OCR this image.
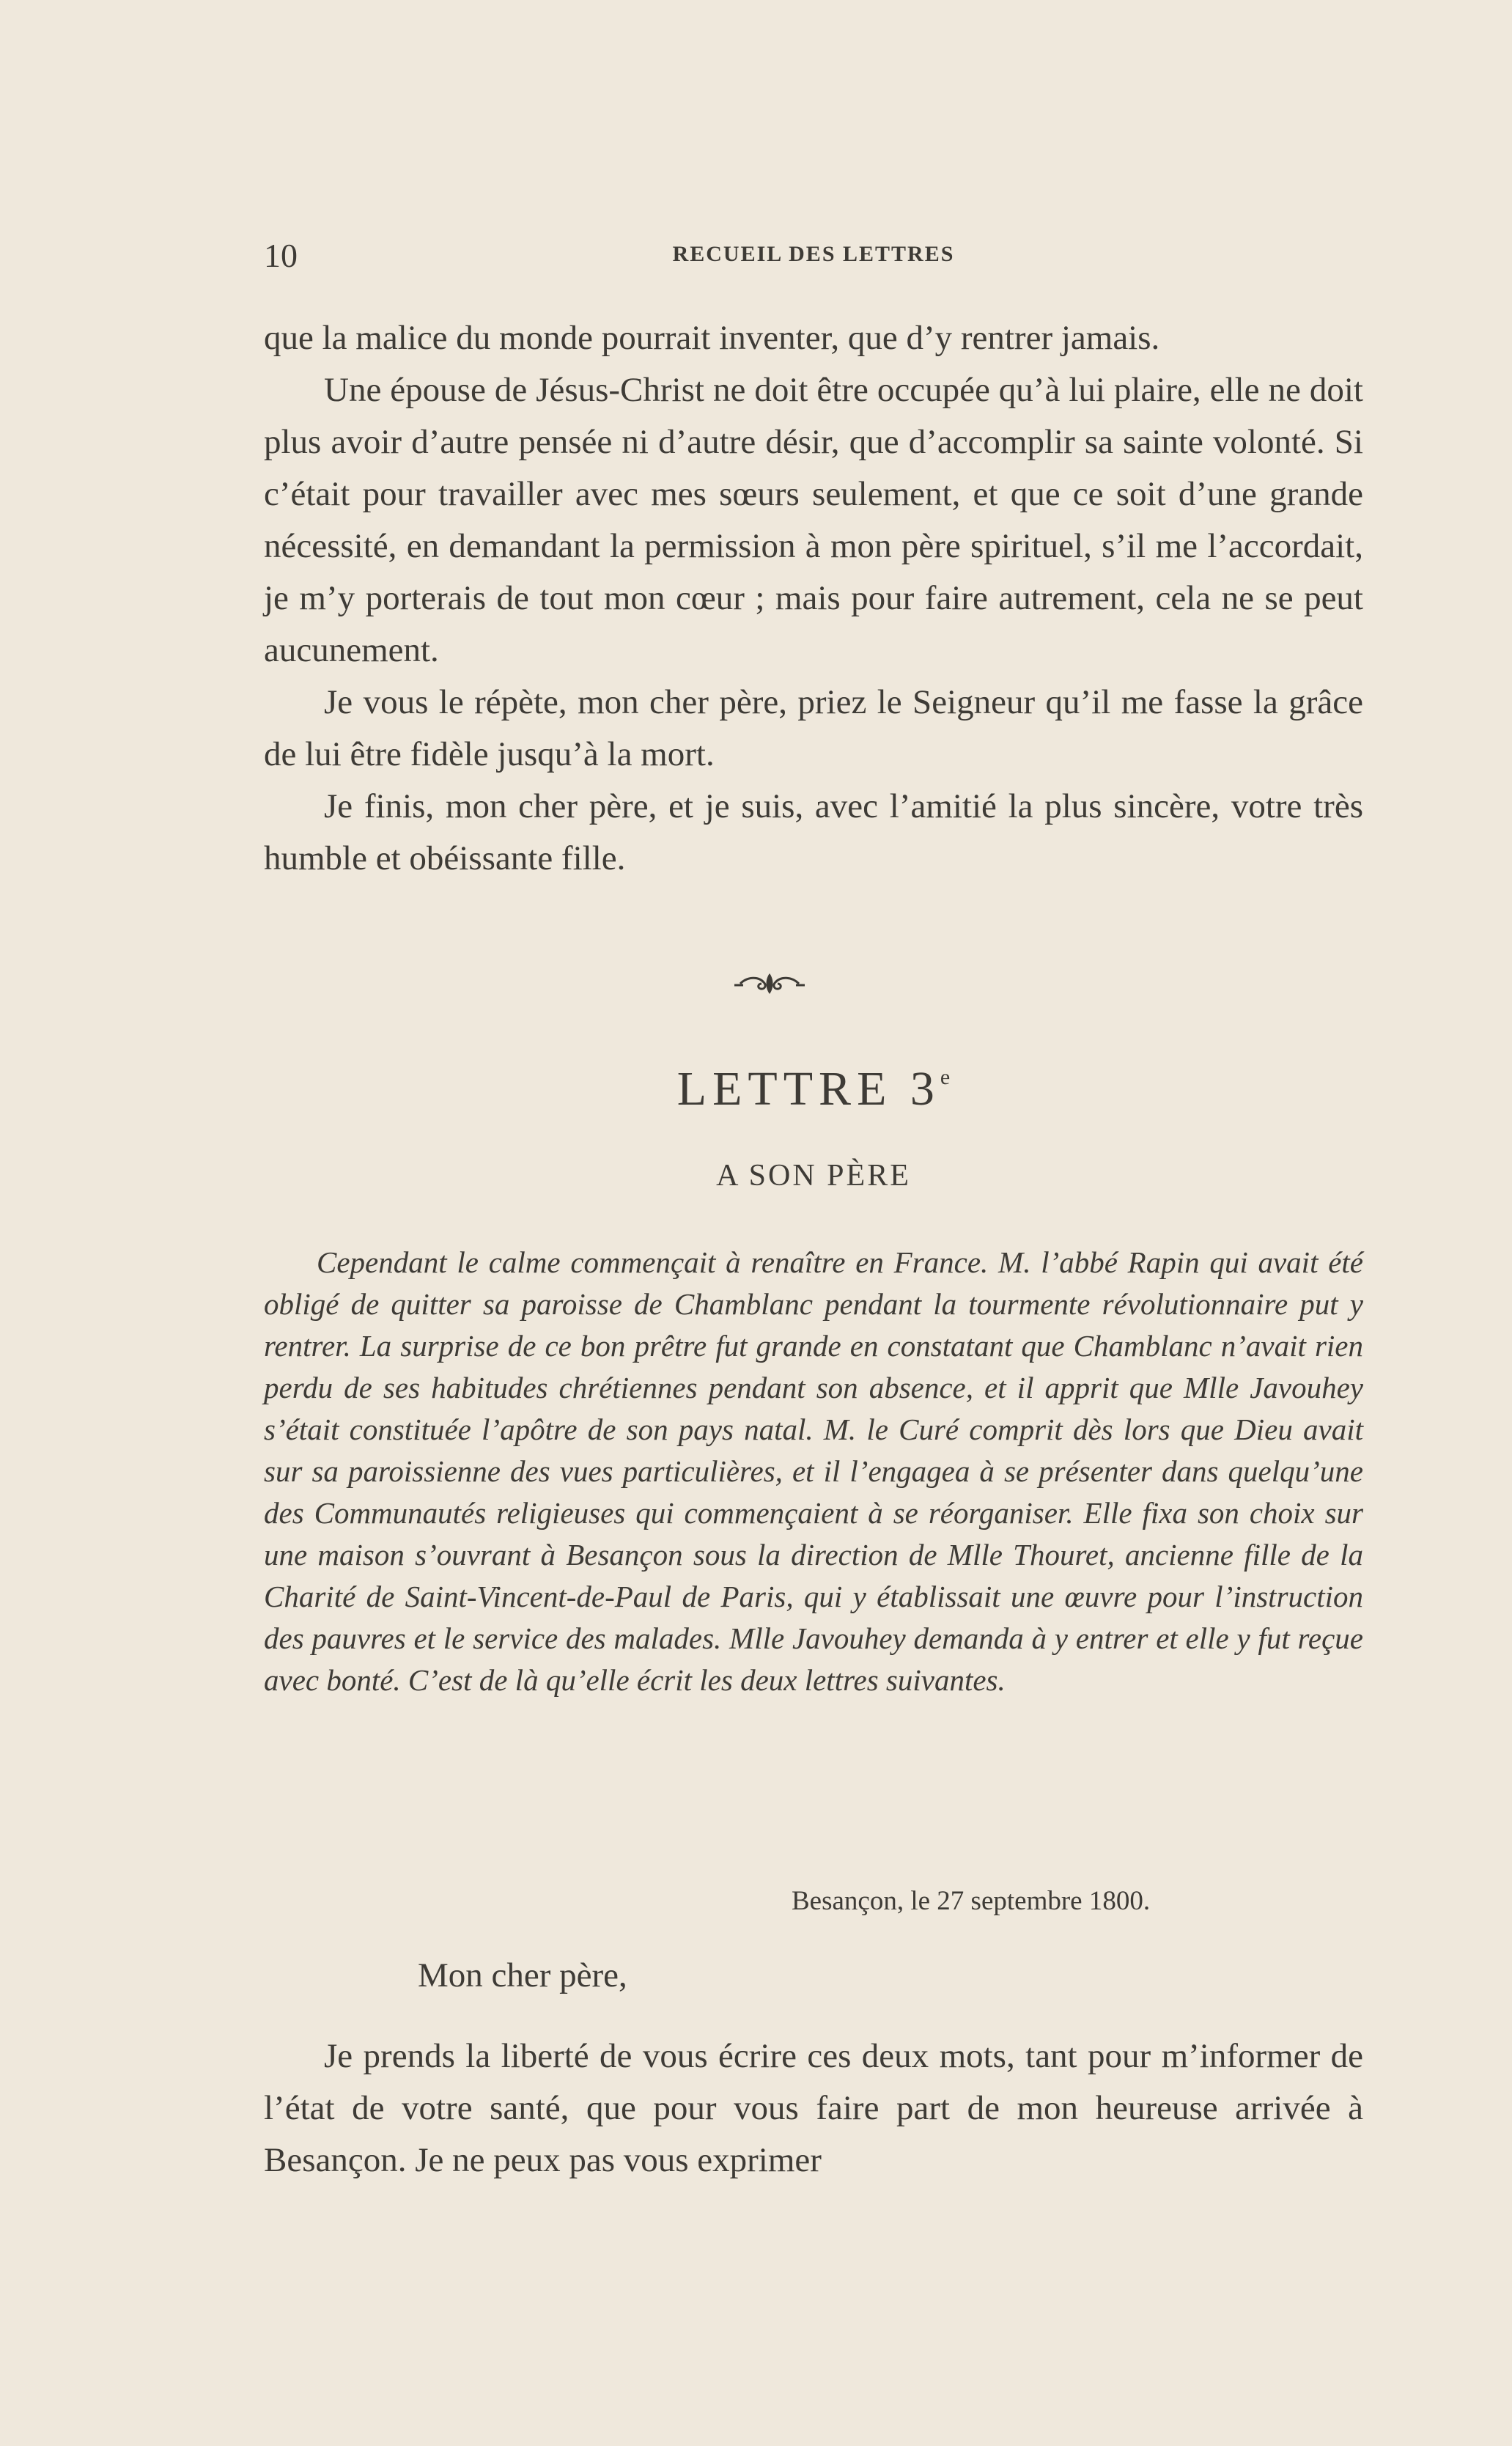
10	RECUEIL DES LETTRES

que la malice du monde pourrait inventer, que d’y rentrer jamais.

Une épouse de Jésus-Christ ne doit être occupée qu’à lui plaire, elle ne doit plus avoir d’autre pensée ni d’autre désir, que d’accomplir sa sainte volonté. Si c’était pour travailler avec mes sœurs seulement, et que ce soit d’une grande nécessité, en demandant la permission à mon père spirituel, s’il me l’accordait, je m’y porterais de tout mon cœur ; mais pour faire autrement, cela ne se peut aucunement.

Je vous le répète, mon cher père, priez le Seigneur qu’il me fasse la grâce de lui être fidèle jusqu’à la mort.

Je finis, mon cher père, et je suis, avec l’amitié la plus sincère, votre très humble et obéissante fille.

LETTRE 3e
A SON PÈRE
Cependant le calme commençait à renaître en France. M. l’abbé Rapin qui avait été obligé de quitter sa paroisse de Chamblanc pendant la tourmente révolutionnaire put y rentrer. La surprise de ce bon prêtre fut grande en constatant que Chamblanc n’avait rien perdu de ses habitudes chrétiennes pendant son absence, et il apprit que Mlle Javouhey s’était constituée l’apôtre de son pays natal. M. le Curé comprit dès lors que Dieu avait sur sa paroissienne des vues particulières, et il l’engagea à se présenter dans quelqu’une des Communautés religieuses qui commençaient à se réorganiser. Elle fixa son choix sur une maison s’ouvrant à Besançon sous la direction de Mlle Thouret, ancienne fille de la Charité de Saint-Vincent-de-Paul de Paris, qui y établissait une œuvre pour l’instruction des pauvres et le service des malades. Mlle Javouhey demanda à y entrer et elle y fut reçue avec bonté. C’est de là qu’elle écrit les deux lettres suivantes.
Besançon, le 27 septembre 1800.
Mon cher père,

Je prends la liberté de vous écrire ces deux mots, tant pour m’informer de l’état de votre santé, que pour vous faire part de mon heureuse arrivée à Besançon. Je ne peux pas vous exprimer
